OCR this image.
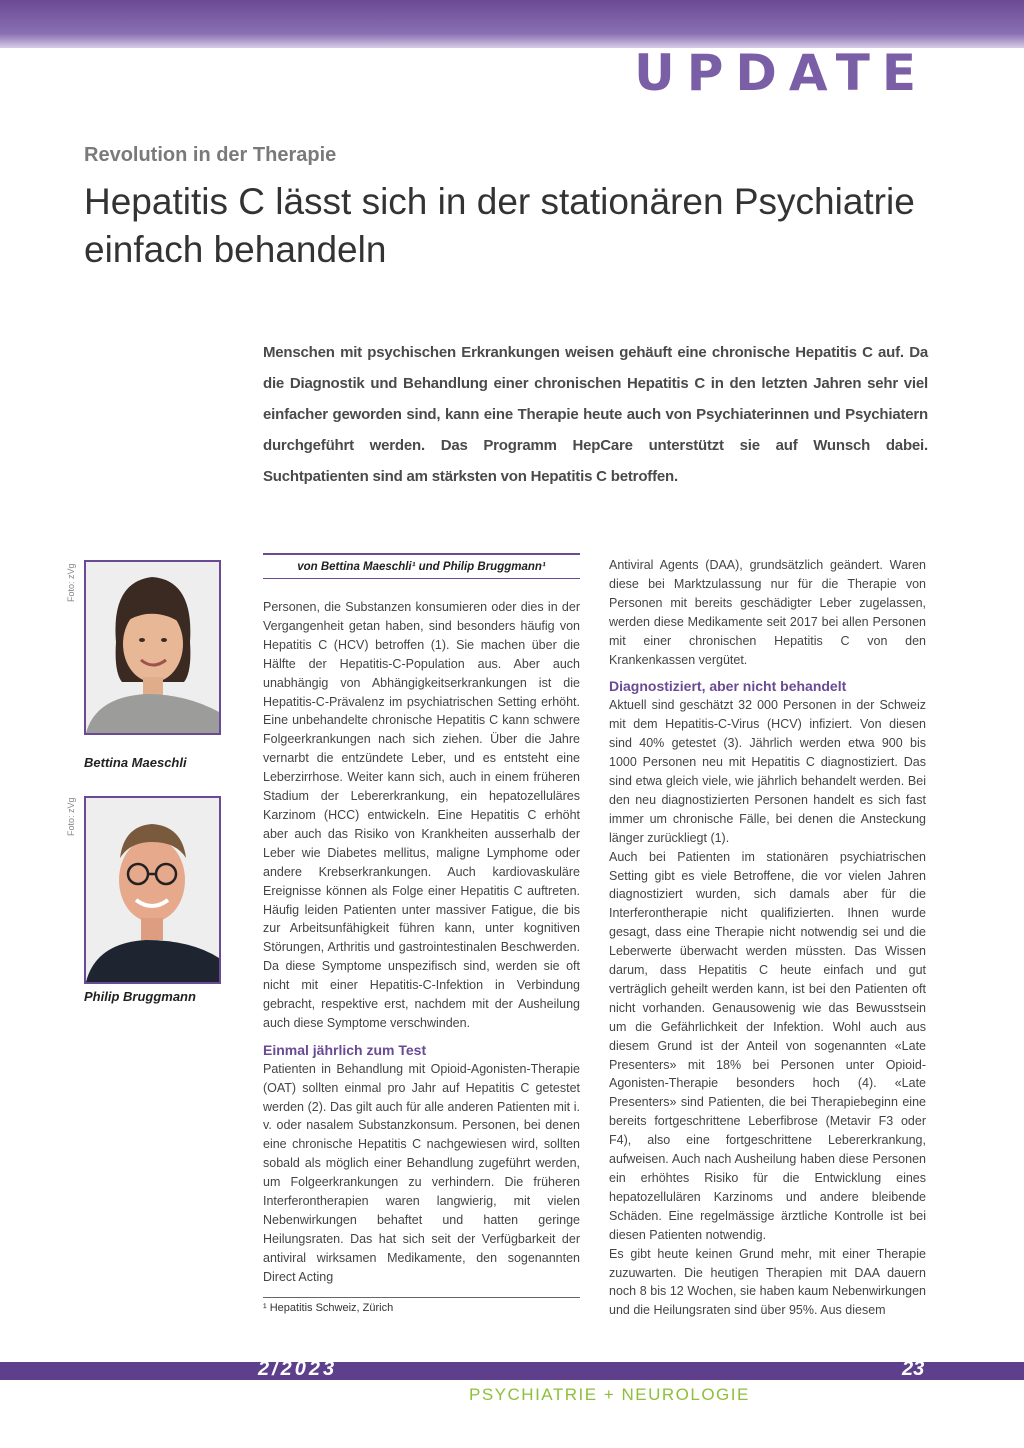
UPDATE
Revolution in der Therapie
Hepatitis C lässt sich in der stationären Psychiatrie einfach behandeln

Menschen mit psychischen Erkrankungen weisen gehäuft eine chronische Hepatitis C auf. Da die Diagnostik und Behandlung einer chronischen Hepatitis C in den letzten Jahren sehr viel einfacher geworden sind, kann eine Therapie heute auch von Psychiaterinnen und Psychiatern durchgeführt werden. Das Programm HepCare unterstützt sie auf Wunsch dabei. Suchtpatienten sind am stärksten von Hepatitis C betroffen.

Foto: zVg
Bettina Maeschli
Foto: zVg
Philip Bruggmann
von Bettina Maeschli¹ und Philip Bruggmann¹

Personen, die Substanzen konsumieren oder dies in der Vergangenheit getan haben, sind besonders häufig von Hepatitis C (HCV) betroffen (1). Sie machen über die Hälfte der Hepatitis-C-Population aus. Aber auch unabhängig von Abhängigkeitserkrankungen ist die Hepatitis-C-Prävalenz im psychiatrischen Setting erhöht. Eine unbehandelte chronische Hepatitis C kann schwere Folgeerkrankungen nach sich ziehen. Über die Jahre vernarbt die entzündete Leber, und es entsteht eine Leberzirrhose. Weiter kann sich, auch in einem früheren Stadium der Lebererkrankung, ein hepatozelluläres Karzinom (HCC) entwickeln. Eine Hepatitis C erhöht aber auch das Risiko von Krankheiten ausserhalb der Leber wie Diabetes mellitus, maligne Lymphome oder andere Krebserkrankungen. Auch kardiovaskuläre Ereignisse können als Folge einer Hepatitis C auftreten. Häufig leiden Patienten unter massiver Fatigue, die bis zur Arbeitsunfähigkeit führen kann, unter kognitiven Störungen, Arthritis und gastrointestinalen Beschwerden. Da diese Symptome unspezifisch sind, werden sie oft nicht mit einer Hepatitis-C-Infektion in Verbindung gebracht, respektive erst, nachdem mit der Ausheilung auch diese Symptome verschwinden.

Einmal jährlich zum Test

Patienten in Behandlung mit Opioid-Agonisten-Therapie (OAT) sollten einmal pro Jahr auf Hepatitis C getestet werden (2). Das gilt auch für alle anderen Patienten mit i. v. oder nasalem Substanzkonsum. Personen, bei denen eine chronische Hepatitis C nachgewiesen wird, sollten sobald als möglich einer Behandlung zugeführt werden, um Folgeerkrankungen zu verhindern. Die früheren Interferontherapien waren langwierig, mit vielen Nebenwirkungen behaftet und hatten geringe Heilungsraten. Das hat sich seit der Verfügbarkeit der antiviral wirksamen Medikamente, den sogenannten Direct Acting

Antiviral Agents (DAA), grundsätzlich geändert. Waren diese bei Marktzulassung nur für die Therapie von Personen mit bereits geschädigter Leber zugelassen, werden diese Medikamente seit 2017 bei allen Personen mit einer chronischen Hepatitis C von den Krankenkassen vergütet.

Diagnostiziert, aber nicht behandelt

Aktuell sind geschätzt 32 000 Personen in der Schweiz mit dem Hepatitis-C-Virus (HCV) infiziert. Von diesen sind 40% getestet (3). Jährlich werden etwa 900 bis 1000 Personen neu mit Hepatitis C diagnostiziert. Das sind etwa gleich viele, wie jährlich behandelt werden. Bei den neu diagnostizierten Personen handelt es sich fast immer um chronische Fälle, bei denen die Ansteckung länger zurückliegt (1).

Auch bei Patienten im stationären psychiatrischen Setting gibt es viele Betroffene, die vor vielen Jahren diagnostiziert wurden, sich damals aber für die Interferontherapie nicht qualifizierten. Ihnen wurde gesagt, dass eine Therapie nicht notwendig sei und die Leberwerte überwacht werden müssten. Das Wissen darum, dass Hepatitis C heute einfach und gut verträglich geheilt werden kann, ist bei den Patienten oft nicht vorhanden. Genausowenig wie das Bewusstsein um die Gefährlichkeit der Infektion. Wohl auch aus diesem Grund ist der Anteil von sogenannten «Late Presenters» mit 18% bei Personen unter Opioid-Agonisten-Therapie besonders hoch (4). «Late Presenters» sind Patienten, die bei Therapiebeginn eine bereits fortgeschrittene Leberfibrose (Metavir F3 oder F4), also eine fortgeschrittene Lebererkrankung, aufweisen. Auch nach Ausheilung haben diese Personen ein erhöhtes Risiko für die Entwicklung eines hepatozellulären Karzinoms und andere bleibende Schäden. Eine regelmässige ärztliche Kontrolle ist bei diesen Patienten notwendig.

Es gibt heute keinen Grund mehr, mit einer Therapie zuzuwarten. Die heutigen Therapien mit DAA dauern noch 8 bis 12 Wochen, sie haben kaum Nebenwirkungen und die Heilungsraten sind über 95%. Aus diesem

¹ Hepatitis Schweiz, Zürich
2/2023	23
PSYCHIATRIE + NEUROLOGIE
